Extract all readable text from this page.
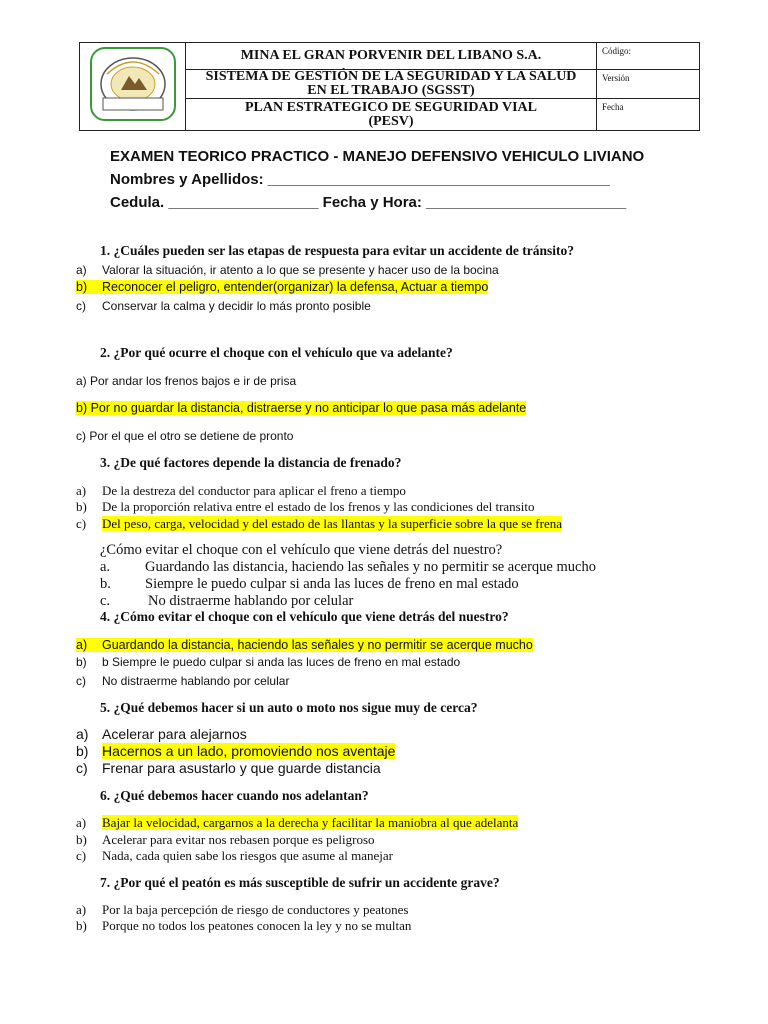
	MINA EL GRAN PORVENIR DEL LIBANO S.A.	Código:

	SISTEMA DE GESTIÓN DE LA SEGURIDAD Y LA SALUD
EN EL TRABAJO (SGSST)	Versión

	PLAN ESTRATEGICO DE SEGURIDAD VIAL
(PESV)	Fecha
EXAMEN TEORICO PRACTICO - MANEJO DEFENSIVO VEHICULO LIVIANO
Nombres y Apellidos: _________________________________________
Cedula. __________________ Fecha y Hora: ________________________
1. ¿Cuáles pueden ser las etapas de respuesta para evitar un accidente de tránsito?
a) Valorar la situación, ir atento a lo que se presente y hacer uso de la bocina
b) Reconocer el peligro, entender(organizar) la defensa, Actuar a tiempo
c) Conservar la calma y decidir lo más pronto posible
2. ¿Por qué ocurre el choque con el vehículo que va adelante?
a) Por andar los frenos bajos e ir de prisa
b) Por no guardar la distancia, distraerse y no anticipar lo que pasa más adelante
c) Por el que el otro se detiene de pronto
3. ¿De qué factores depende la distancia de frenado?
a) De la destreza del conductor para aplicar el freno a tiempo
b) De la proporción relativa entre el estado de los frenos y las condiciones del transito
c) Del peso, carga, velocidad y del estado de las llantas y la superficie sobre la que se frena
¿Cómo evitar el choque con el vehículo que viene detrás del nuestro?
a. Guardando las distancia, haciendo las señales y no permitir se acerque mucho
b. Siempre le puedo culpar si anda las luces de freno en mal estado
c.	No distraerme hablando por celular
4. ¿Cómo evitar el choque con el vehículo que viene detrás del nuestro?
a) Guardando la distancia, haciendo las señales y no permitir se acerque mucho
b) b Siempre le puedo culpar si anda las luces de freno en mal estado
c) No distraerme hablando por celular
5. ¿Qué debemos hacer si un auto o moto nos sigue muy de cerca?
a) Acelerar para alejarnos
b) Hacernos a un lado, promoviendo nos aventaje
c) Frenar para asustarlo y que guarde distancia
6. ¿Qué debemos hacer cuando nos adelantan?
a) Bajar la velocidad, cargarnos a la derecha y facilitar la maniobra al que adelanta
b) Acelerar para evitar nos rebasen porque es peligroso
c) Nada, cada quien sabe los riesgos que asume al manejar
7. ¿Por qué el peatón es más susceptible de sufrir un accidente grave?
a) Por la baja percepción de riesgo de conductores y peatones
b) Porque no todos los peatones conocen la ley y no se multan
